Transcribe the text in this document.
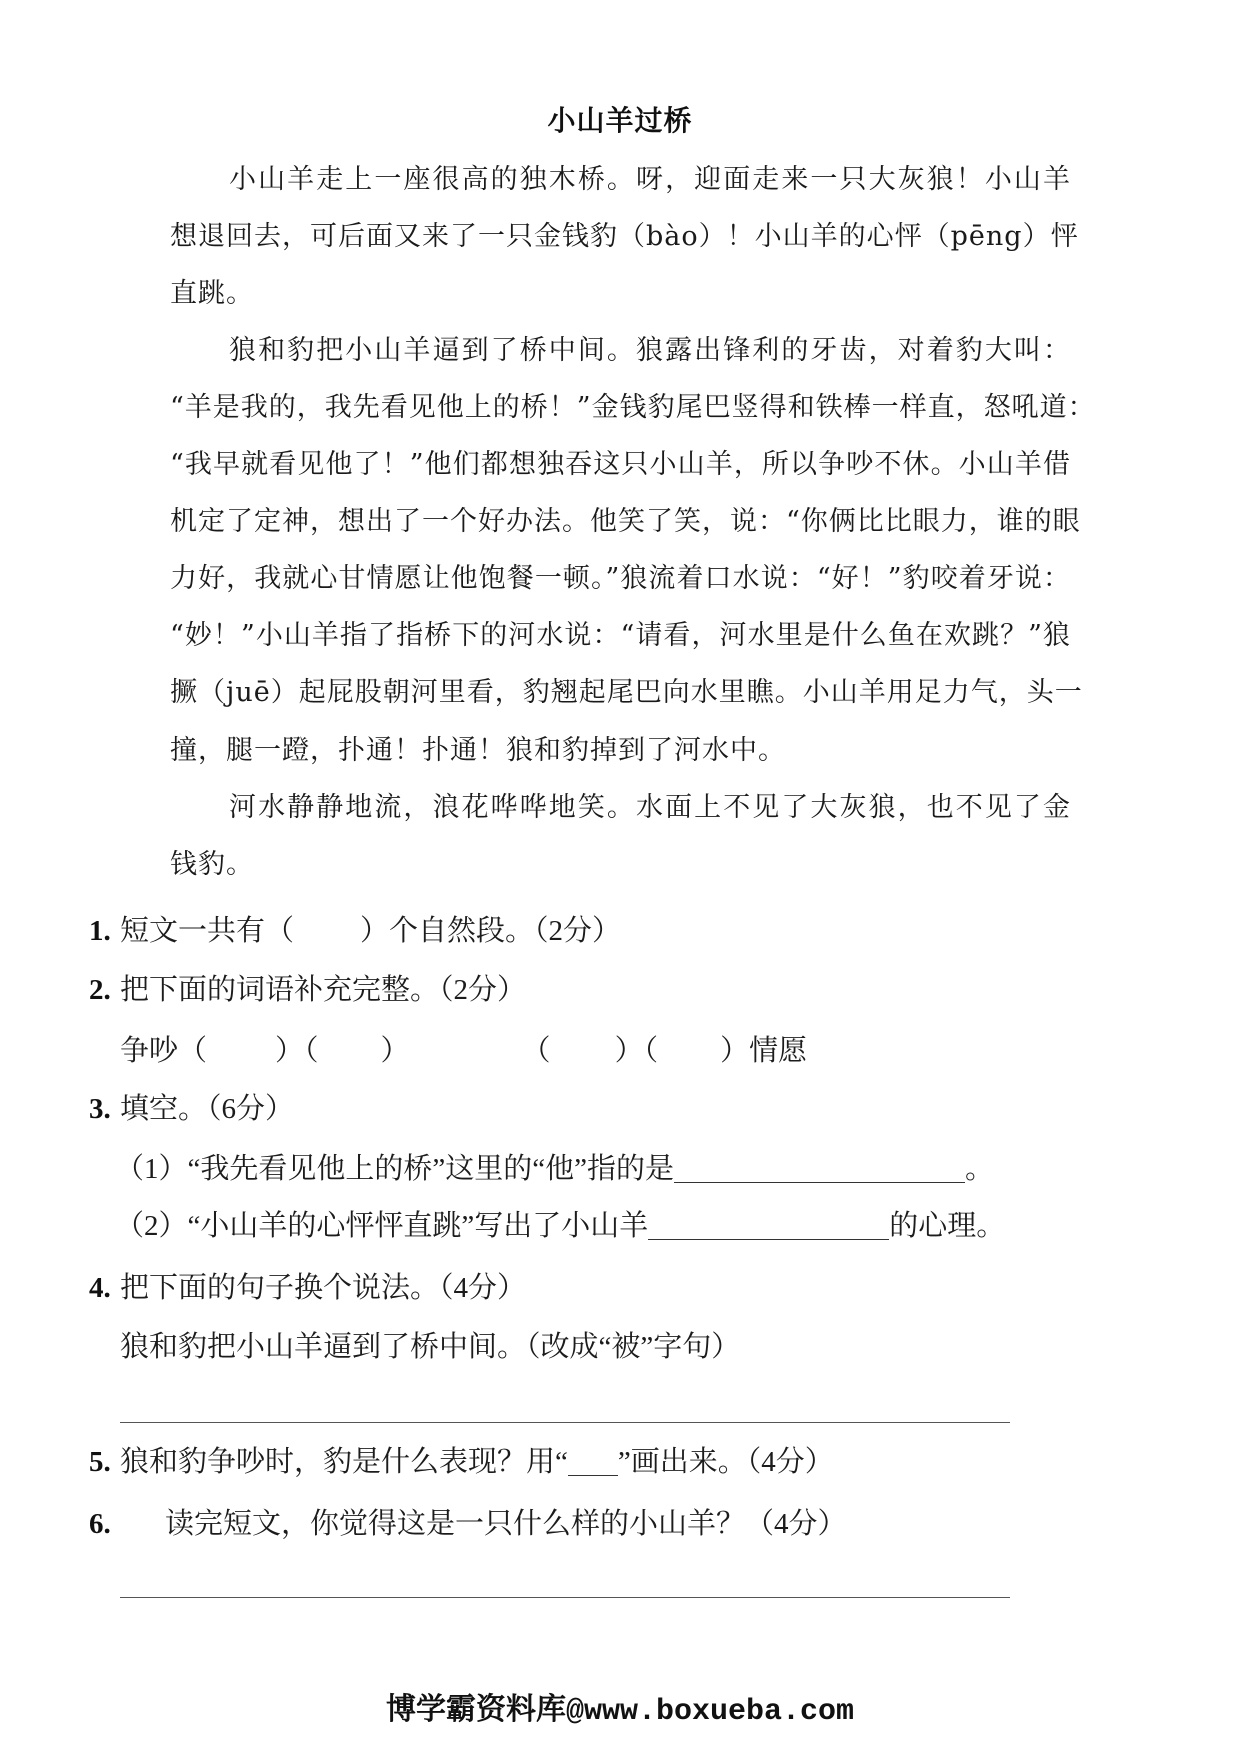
小山羊过桥
小山羊走上一座很高的独木桥。呀，迎面走来一只大灰狼！小山羊
想退回去，可后面又来了一只金钱豹（bào）！小山羊的心怦（pēng）怦
直跳。
狼和豹把小山羊逼到了桥中间。狼露出锋利的牙齿，对着豹大叫：
“羊是我的，我先看见他上的桥！”金钱豹尾巴竖得和铁棒一样直，怒吼道：
“我早就看见他了！”他们都想独吞这只小山羊，所以争吵不休。小山羊借
机定了定神，想出了一个好办法。他笑了笑，说：“你俩比比眼力，谁的眼
力好，我就心甘情愿让他饱餐一顿。”狼流着口水说：“好！”豹咬着牙说：
“妙！”小山羊指了指桥下的河水说：“请看，河水里是什么鱼在欢跳？”狼
撅（juē）起屁股朝河里看，豹翘起尾巴向水里瞧。小山羊用足力气，头一
撞，腿一蹬，扑通！扑通！狼和豹掉到了河水中。
河水静静地流，浪花哗哗地笑。水面上不见了大灰狼，也不见了金
钱豹。
1. 短文一共有（ ）个自然段。（2分）
2. 把下面的词语补充完整。（2分）
争吵（ ）（ ）	（ ）（ ）情愿
3. 填空。（6分）
（1）“我先看见他上的桥”这里的“他”指的是	。
（2）“小山羊的心怦怦直跳”写出了小山羊	的心理。
4. 把下面的句子换个说法。（4分）
狼和豹把小山羊逼到了桥中间。（改成“被”字句）
5. 狼和豹争吵时，豹是什么表现？用“ ”画出来。（4分）
6. 读完短文，你觉得这是一只什么样的小山羊？（4分）
博学霸资料库@www.boxueba.com
